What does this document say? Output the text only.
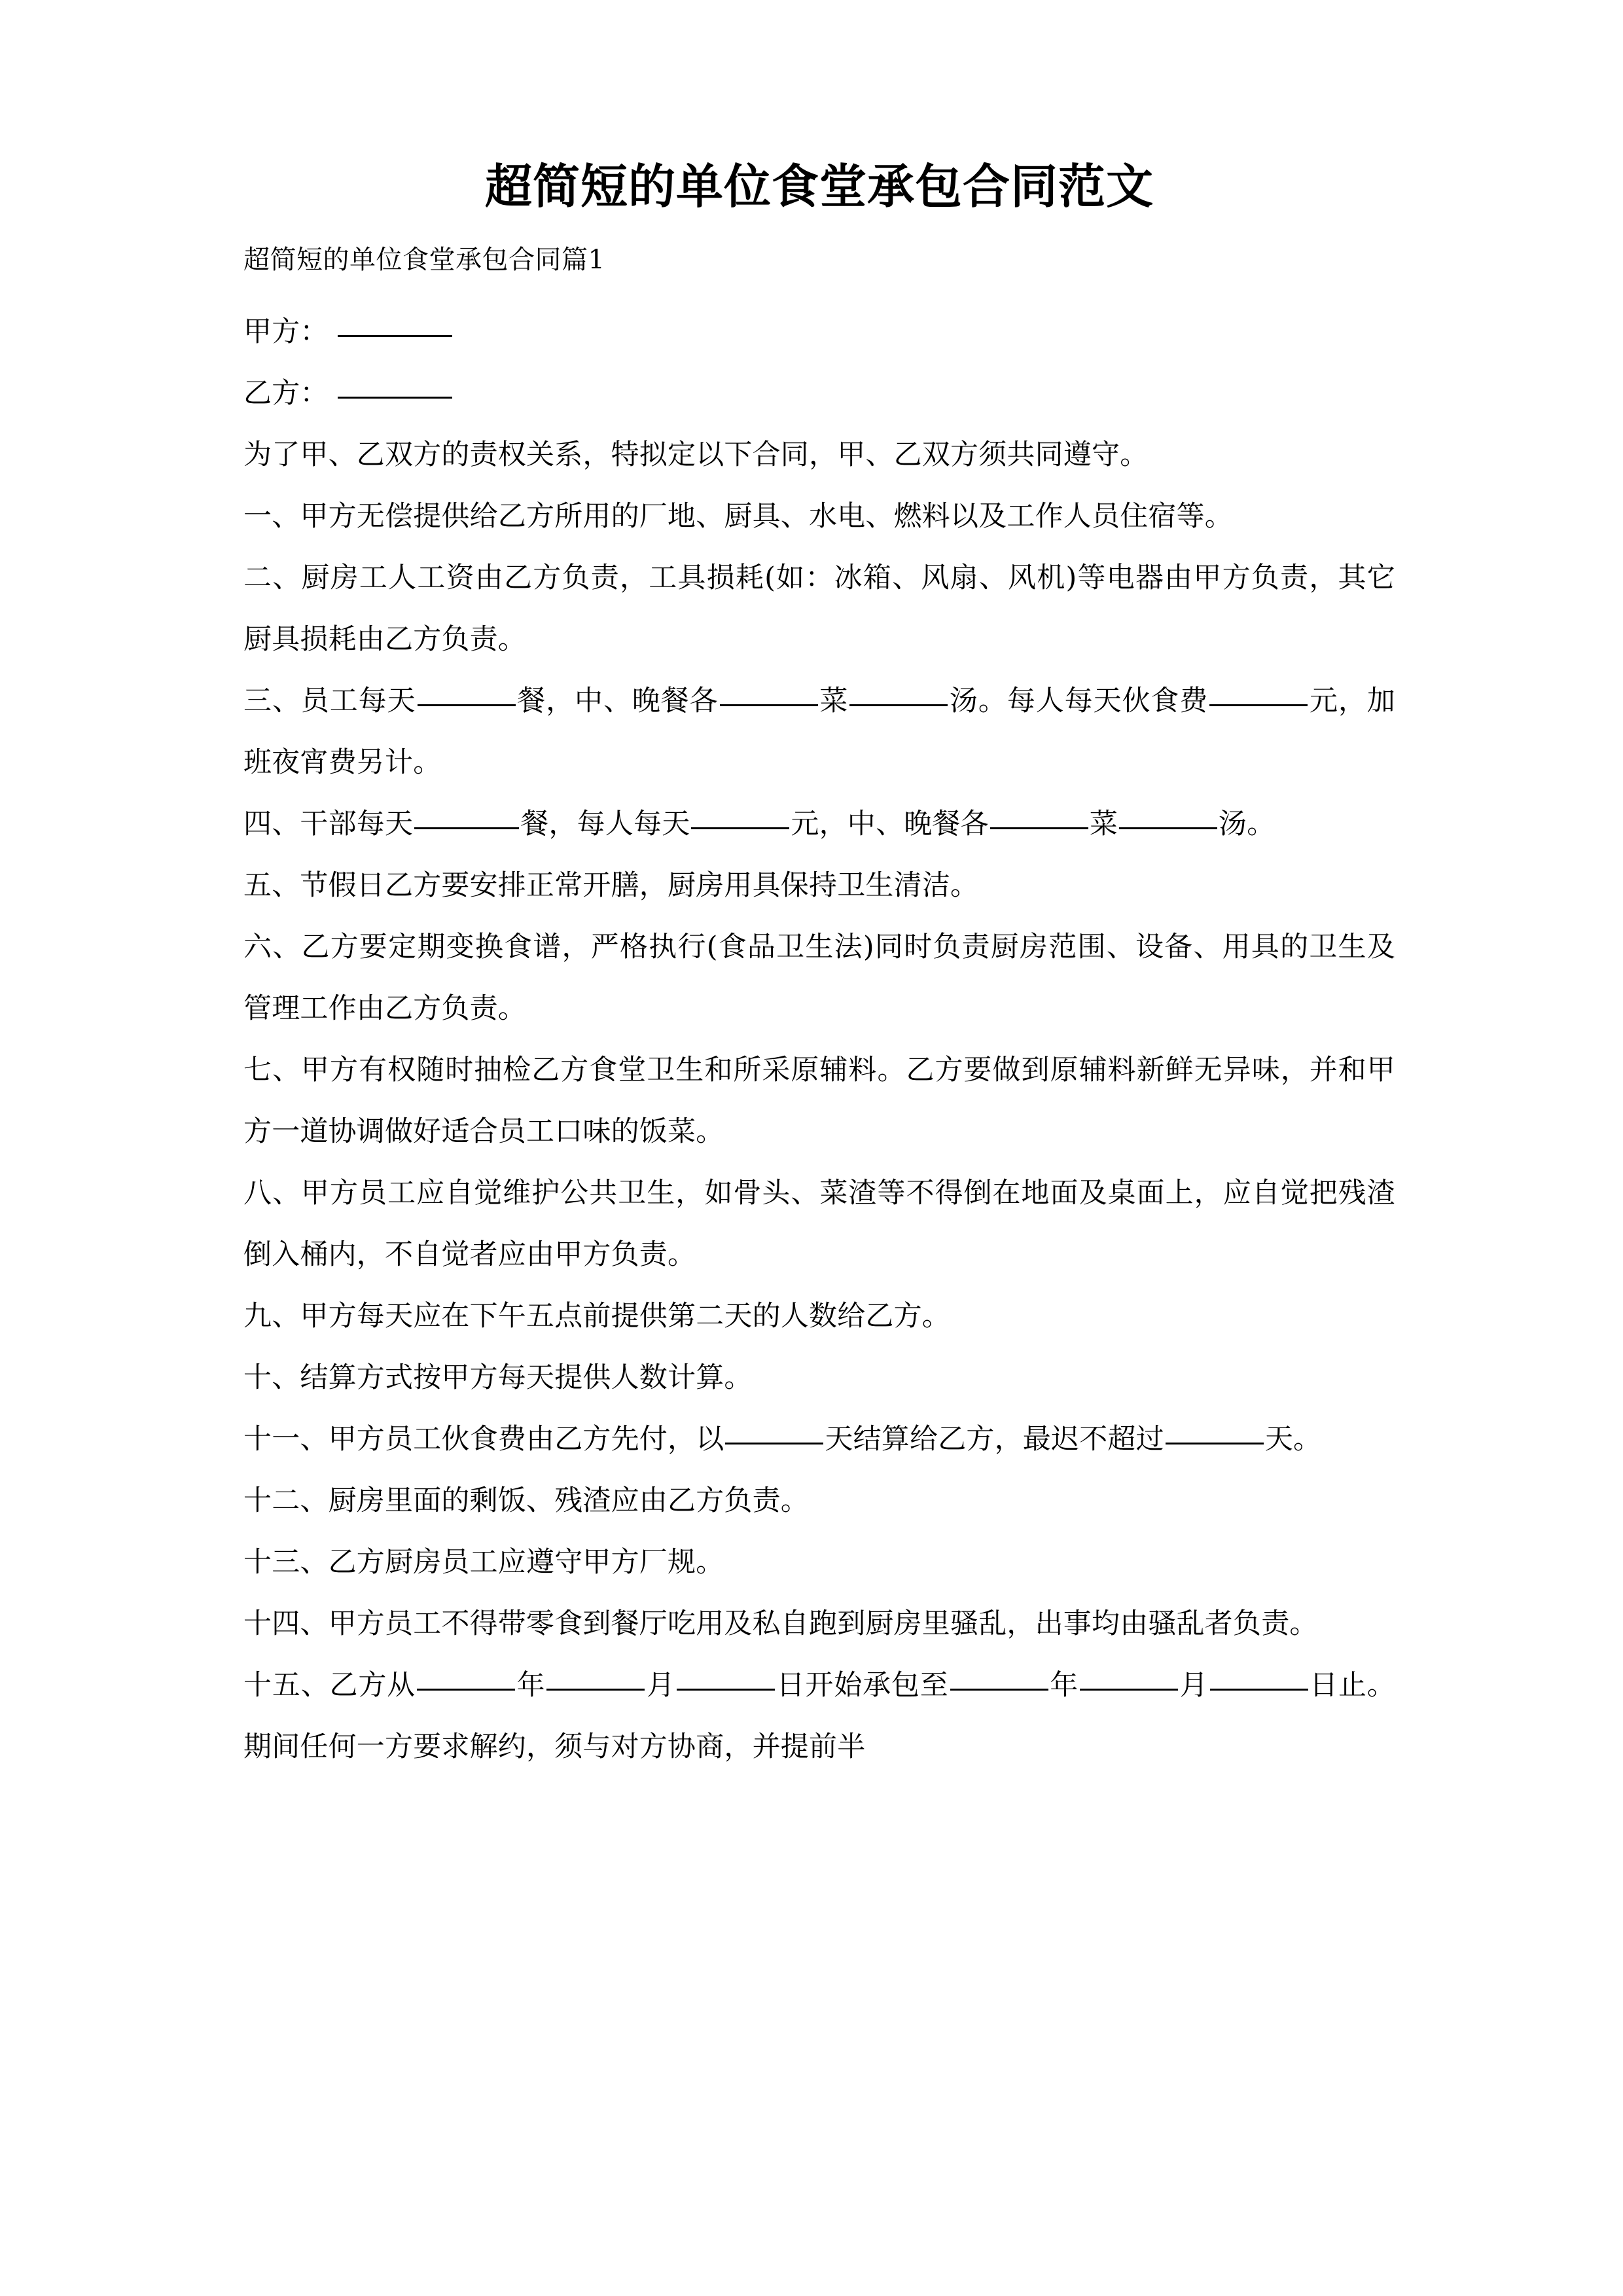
超简短的单位食堂承包合同范文

超简短的单位食堂承包合同篇1

甲方：

乙方：

为了甲、乙双方的责权关系，特拟定以下合同，甲、乙双方须共同遵守。

一、甲方无偿提供给乙方所用的厂地、厨具、水电、燃料以及工作人员住宿等。

二、厨房工人工资由乙方负责，工具损耗(如：冰箱、风扇、风机)等电器由甲方负责，其它厨具损耗由乙方负责。

三、员工每天	餐，中、晚餐各	菜	汤。每人每天伙食费	元，加班夜宵费另计。

四、干部每天	餐，每人每天	元，中、晚餐各	菜	汤。

五、节假日乙方要安排正常开膳，厨房用具保持卫生清洁。

六、乙方要定期变换食谱，严格执行(食品卫生法)同时负责厨房范围、设备、用具的卫生及管理工作由乙方负责。

七、甲方有权随时抽检乙方食堂卫生和所采原辅料。乙方要做到原辅料新鲜无异味，并和甲方一道协调做好适合员工口味的饭菜。

八、甲方员工应自觉维护公共卫生，如骨头、菜渣等不得倒在地面及桌面上，应自觉把残渣倒入桶内，不自觉者应由甲方负责。

九、甲方每天应在下午五点前提供第二天的人数给乙方。

十、结算方式按甲方每天提供人数计算。

十一、甲方员工伙食费由乙方先付，以	天结算给乙方，最迟不超过	天。

十二、厨房里面的剩饭、残渣应由乙方负责。

十三、乙方厨房员工应遵守甲方厂规。

十四、甲方员工不得带零食到餐厅吃用及私自跑到厨房里骚乱，出事均由骚乱者负责。

十五、乙方从	年	月	日开始承包至	年	月	日止。期间任何一方要求解约，须与对方协商，并提前半
